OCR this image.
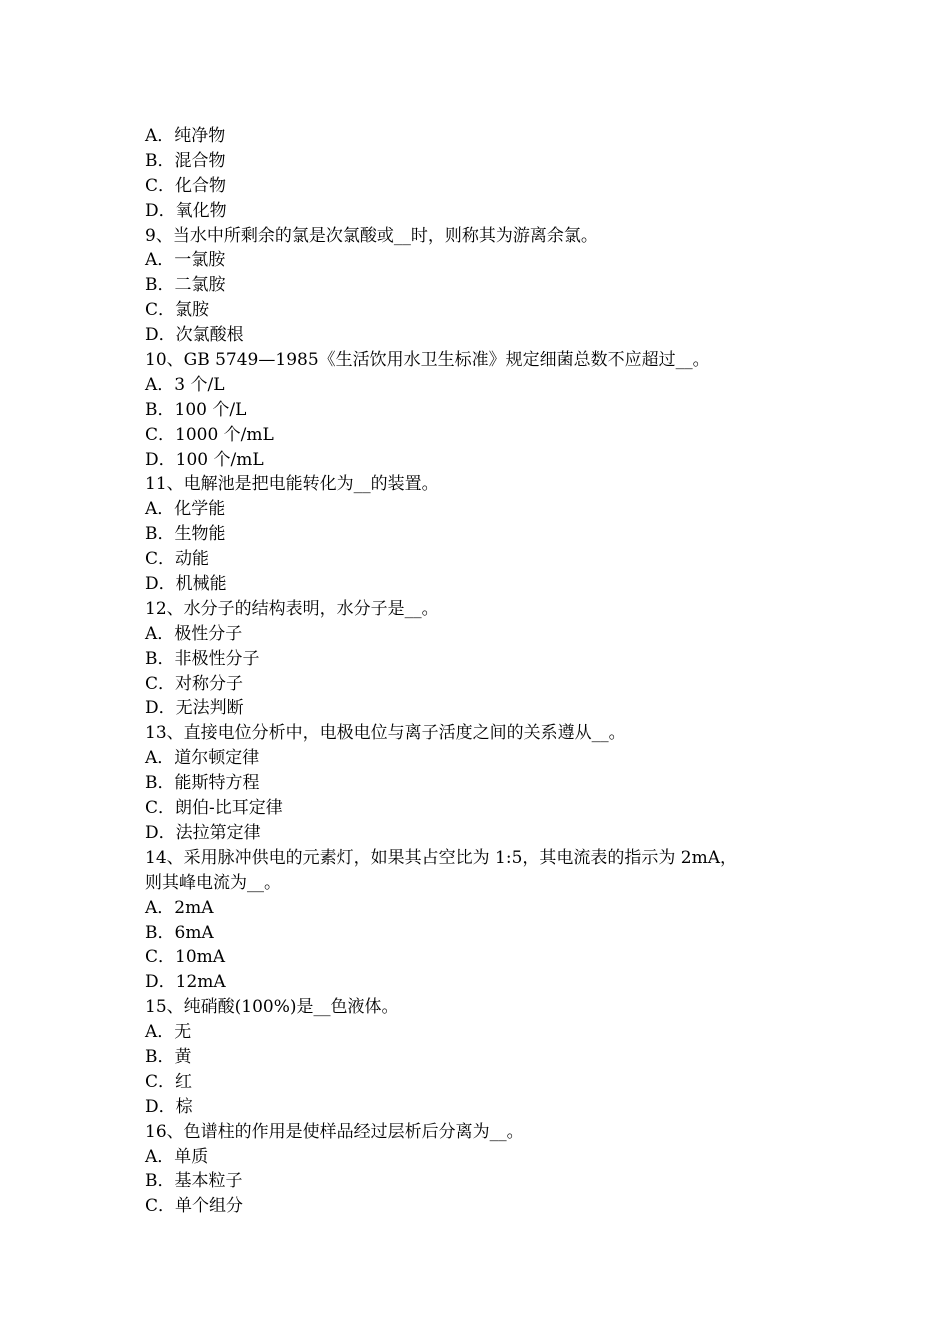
A．纯净物
B．混合物
C．化合物
D．氧化物
9、当水中所剩余的氯是次氯酸或__时，则称其为游离余氯。
A．一氯胺
B．二氯胺
C．氯胺
D．次氯酸根
10、GB 5749—1985《生活饮用水卫生标准》规定细菌总数不应超过__。
A．3 个/L
B．100 个/L
C．1000 个/mL
D．100 个/mL
11、电解池是把电能转化为__的装置。
A．化学能
B．生物能
C．动能
D．机械能
12、水分子的结构表明，水分子是__。
A．极性分子
B．非极性分子
C．对称分子
D．无法判断
13、直接电位分析中，电极电位与离子活度之间的关系遵从__。
A．道尔顿定律
B．能斯特方程
C．朗伯-比耳定律
D．法拉第定律
14、采用脉冲供电的元素灯，如果其占空比为 1:5，其电流表的指示为 2mA，
则其峰电流为__。
A．2mA
B．6mA
C．10mA
D．12mA
15、纯硝酸(100%)是__色液体。
A．无
B．黄
C．红
D．棕
16、色谱柱的作用是使样品经过层析后分离为__。
A．单质
B．基本粒子
C．单个组分
